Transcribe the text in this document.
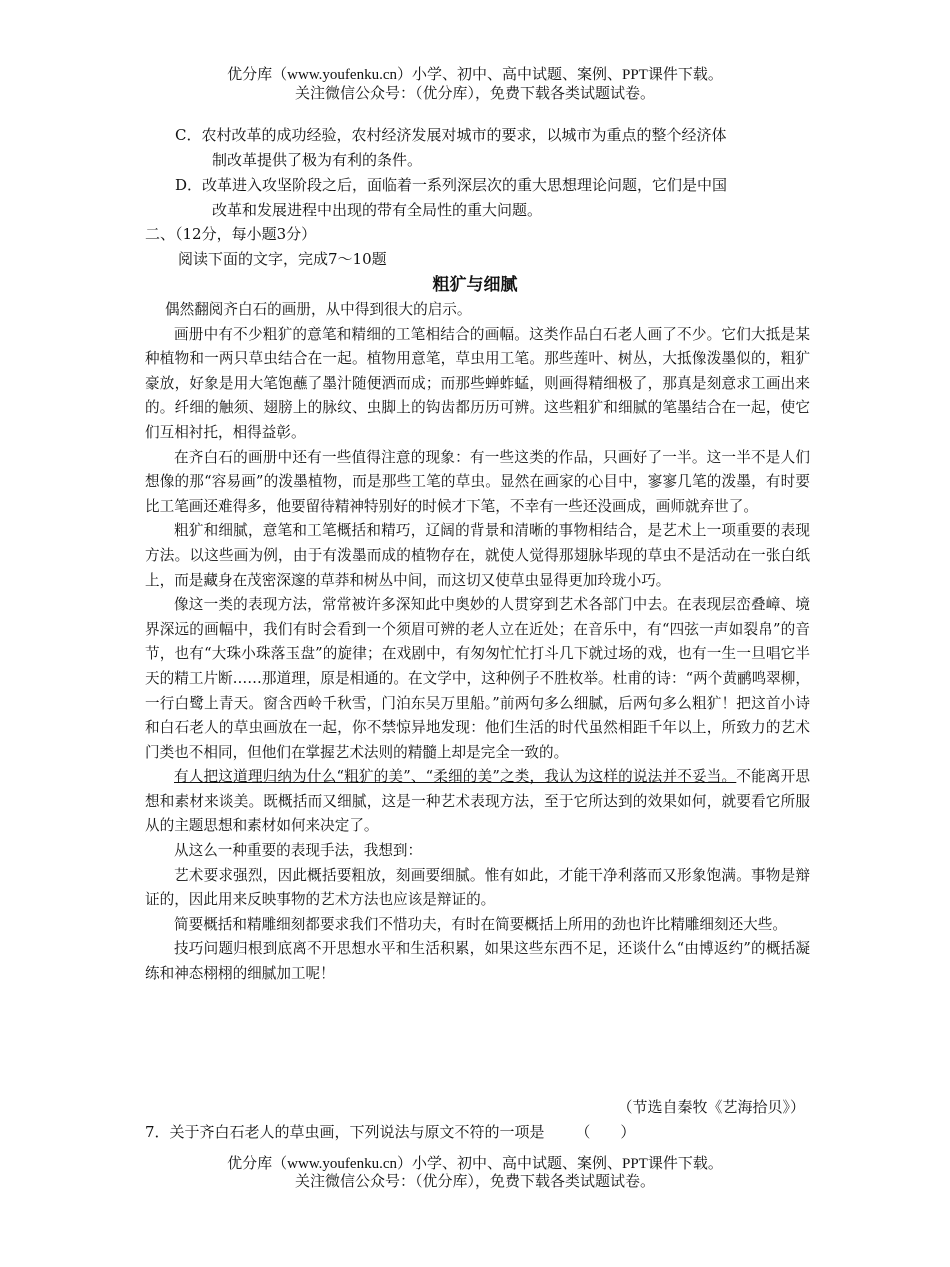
优分库（www.youfenku.cn）小学、初中、高中试题、案例、PPT课件下载。
关注微信公众号：（优分库），免费下载各类试题试卷。
C．农村改革的成功经验，农村经济发展对城市的要求，以城市为重点的整个经济体
制改革提供了极为有利的条件。
D．改革进入攻坚阶段之后，面临着一系列深层次的重大思想理论问题，它们是中国
改革和发展进程中出现的带有全局性的重大问题。
二、（12分，每小题3分）
阅读下面的文字，完成7～10题
粗犷与细腻

偶然翻阅齐白石的画册，从中得到很大的启示。

画册中有不少粗犷的意笔和精细的工笔相结合的画幅。这类作品白石老人画了不少。它们大抵是某种植物和一两只草虫结合在一起。植物用意笔，草虫用工笔。那些莲叶、树丛，大抵像泼墨似的，粗犷豪放，好象是用大笔饱蘸了墨汁随便洒而成；而那些蝉蚱蜢，则画得精细极了，那真是刻意求工画出来的。纤细的触须、翅膀上的脉纹、虫脚上的钩齿都历历可辨。这些粗犷和细腻的笔墨结合在一起，使它们互相衬托，相得益彰。

在齐白石的画册中还有一些值得注意的现象：有一些这类的作品，只画好了一半。这一半不是人们想像的那“容易画”的泼墨植物，而是那些工笔的草虫。显然在画家的心目中，寥寥几笔的泼墨，有时要比工笔画还难得多，他要留待精神特别好的时候才下笔，不幸有一些还没画成，画师就弃世了。

粗犷和细腻，意笔和工笔概括和精巧，辽阔的背景和清晰的事物相结合，是艺术上一项重要的表现方法。以这些画为例，由于有泼墨而成的植物存在，就使人觉得那翅脉毕现的草虫不是活动在一张白纸上，而是藏身在茂密深邃的草莽和树丛中间，而这切又使草虫显得更加玲珑小巧。

像这一类的表现方法，常常被许多深知此中奥妙的人贯穿到艺术各部门中去。在表现层峦叠嶂、境界深远的画幅中，我们有时会看到一个须眉可辨的老人立在近处；在音乐中，有“四弦一声如裂帛”的音节，也有“大珠小珠落玉盘”的旋律；在戏剧中，有匆匆忙忙打斗几下就过场的戏，也有一生一旦唱它半天的精工片断……那道理，原是相通的。在文学中，这种例子不胜枚举。杜甫的诗：“两个黄鹂鸣翠柳，一行白鹭上青天。窗含西岭千秋雪，门泊东吴万里船。”前两句多么细腻，后两句多么粗犷！把这首小诗和白石老人的草虫画放在一起，你不禁惊异地发现：他们生活的时代虽然相距千年以上，所致力的艺术门类也不相同，但他们在掌握艺术法则的精髓上却是完全一致的。

有人把这道理归纳为什么“粗犷的美”、“柔细的美”之类，我认为这样的说法并不妥当。不能离开思想和素材来谈美。既概括而又细腻，这是一种艺术表现方法，至于它所达到的效果如何，就要看它所服从的主题思想和素材如何来决定了。

从这么一种重要的表现手法，我想到：

艺术要求强烈，因此概括要粗放，刻画要细腻。惟有如此，才能干净利落而又形象饱满。事物是辩证的，因此用来反映事物的艺术方法也应该是辩证的。

简要概括和精雕细刻都要求我们不惜功夫，有时在简要概括上所用的劲也许比精雕细刻还大些。

技巧问题归根到底离不开思想水平和生活积累，如果这些东西不足，还谈什么“由博返约”的概括凝练和神态栩栩的细腻加工呢！

（节选自秦牧《艺海拾贝》）
7．关于齐白石老人的草虫画，下列说法与原文不符的一项是 （ ）
优分库（www.youfenku.cn）小学、初中、高中试题、案例、PPT课件下载。
关注微信公众号：（优分库），免费下载各类试题试卷。
